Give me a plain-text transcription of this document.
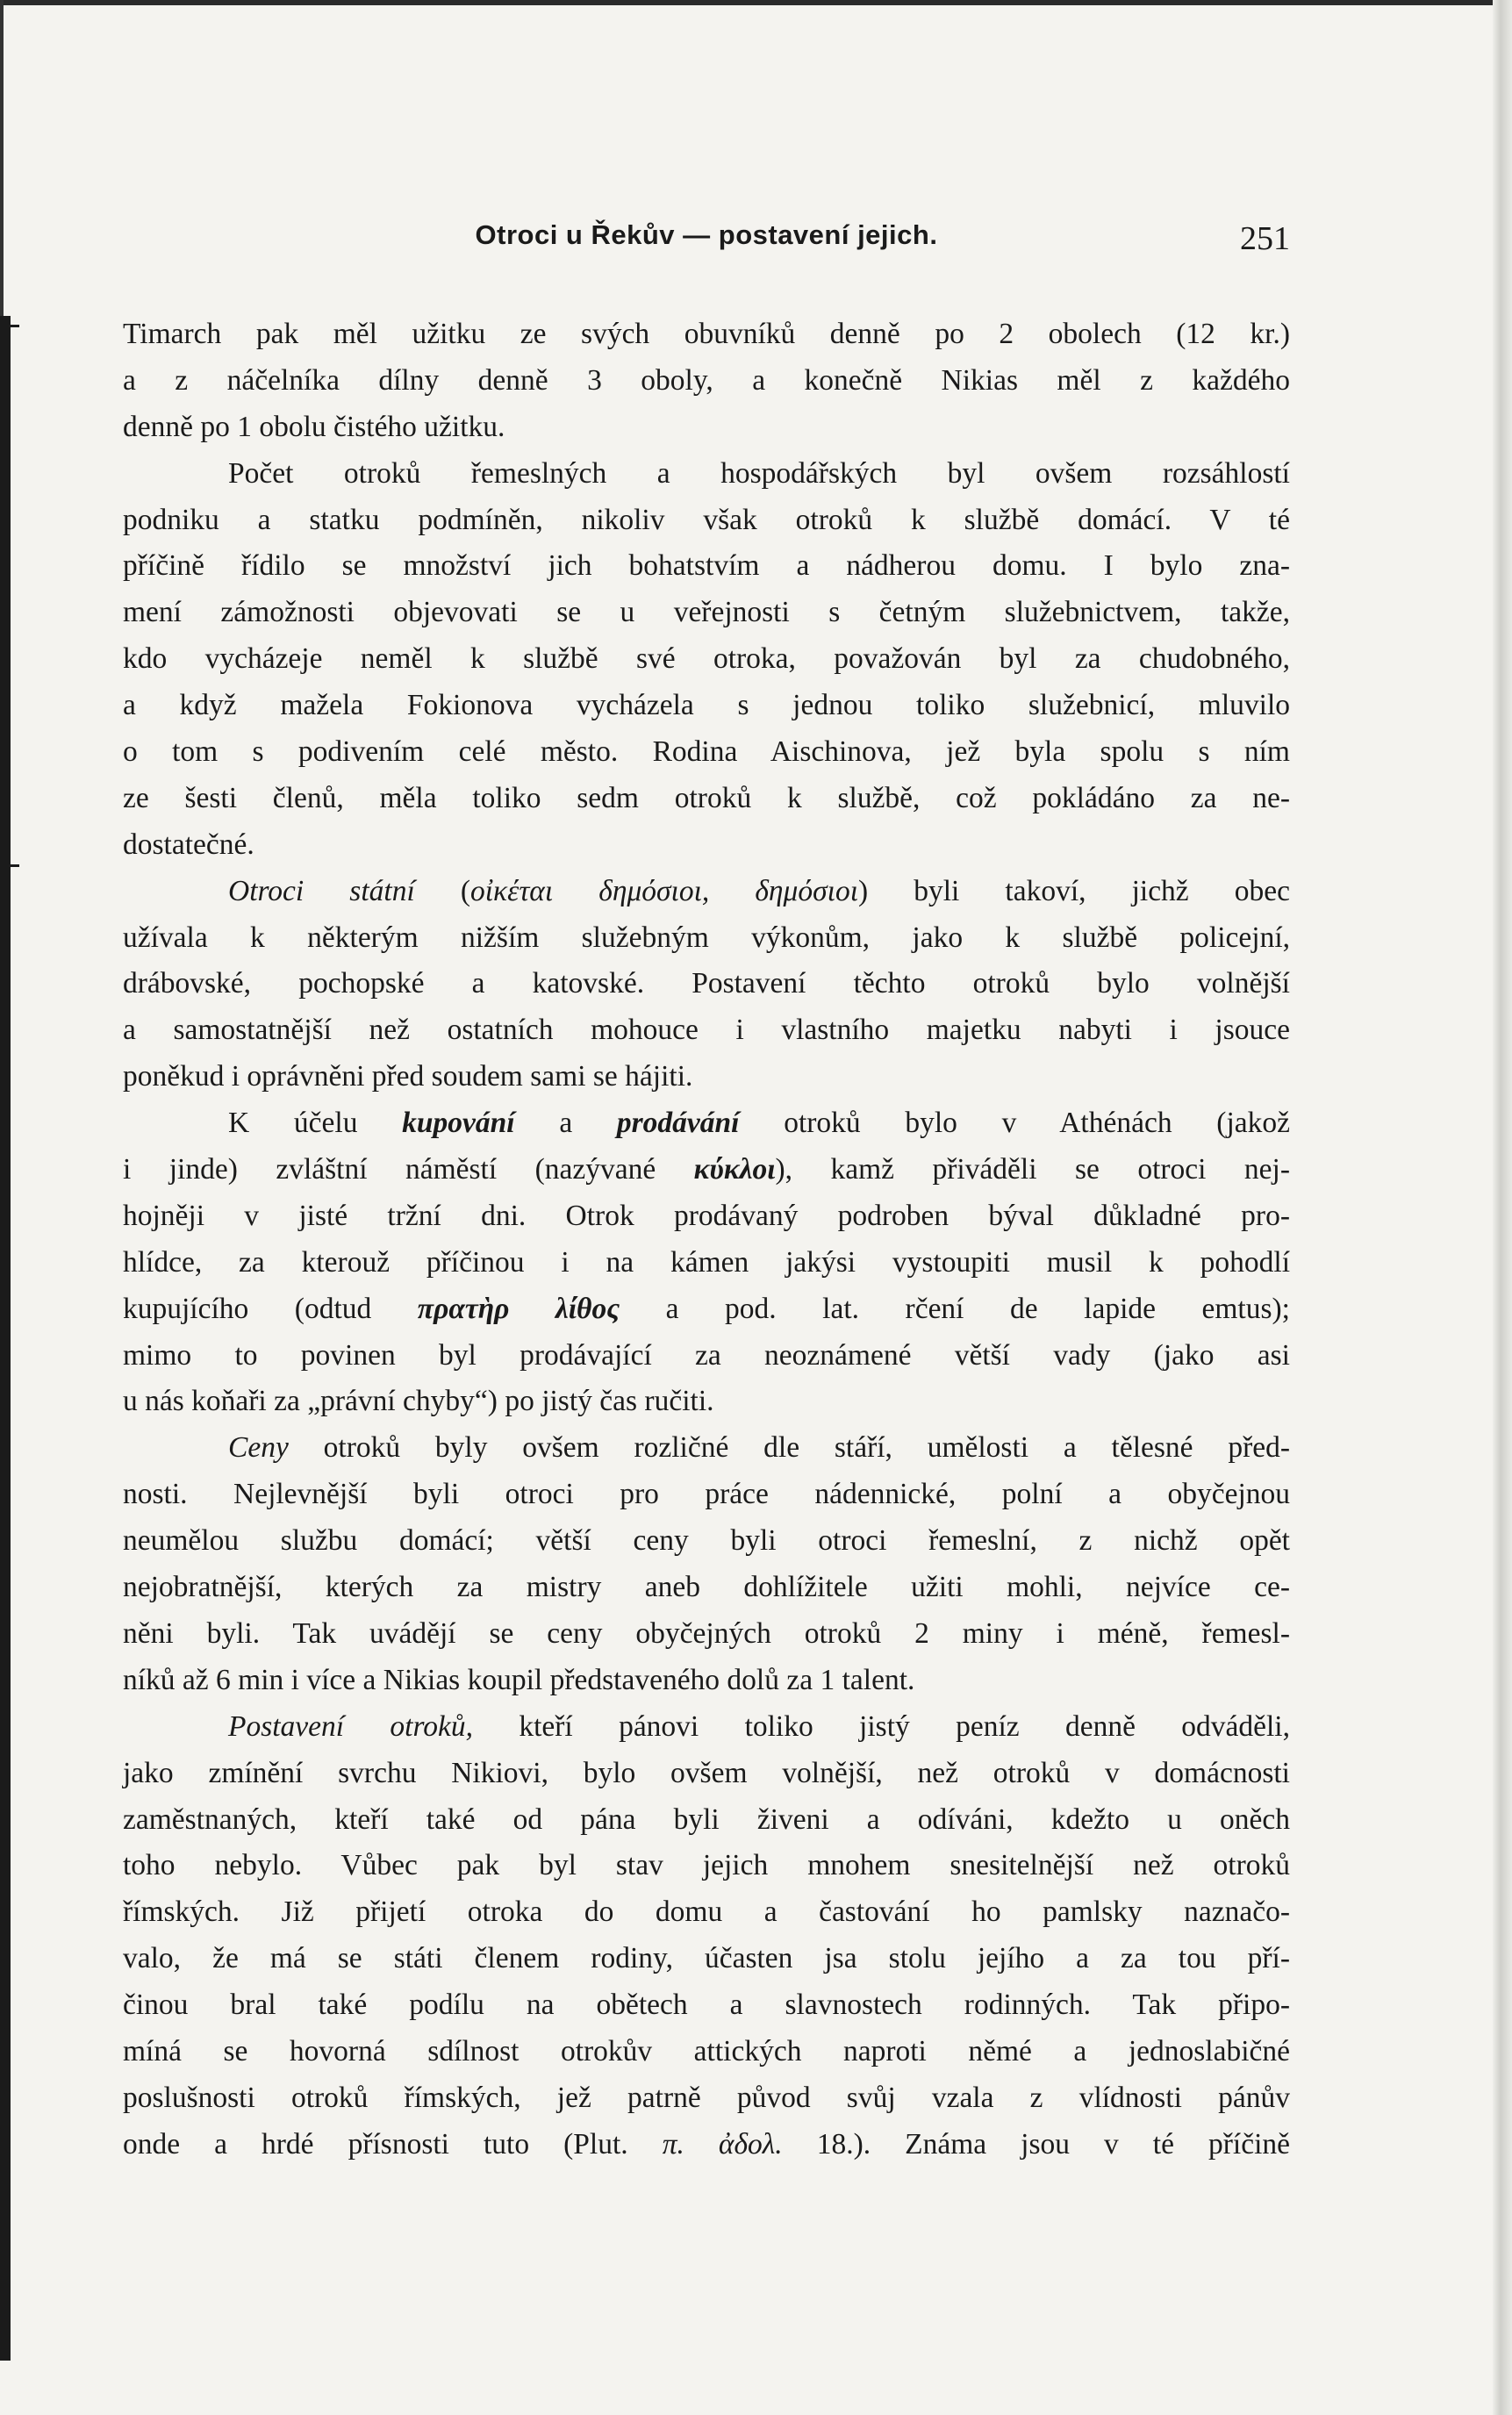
Otroci u Řekův — postavení jejich.	251
Timarch pak měl užitku ze svých obuvníků denně po 2 obolech (12 kr.)
a z náčelníka dílny denně 3 oboly, a konečně Nikias měl z každého
denně po 1 obolu čistého užitku.
Počet otroků řemeslných a hospodářských byl ovšem rozsáhlostí
podniku a statku podmíněn, nikoliv však otroků k službě domácí. V té
příčině řídilo se množství jich bohatstvím a nádherou domu. I bylo zna-
mení zámožnosti objevovati se u veřejnosti s četným služebnictvem, takže,
kdo vycházeje neměl k službě své otroka, považován byl za chudobného,
a když mažela Fokionova vycházela s jednou toliko služebnicí, mluvilo
o tom s podivením celé město. Rodina Aischinova, jež byla spolu s ním
ze šesti členů, měla toliko sedm otroků k službě, což pokládáno za ne-
dostatečné.
Otroci státní (οἰκέται δημόσιοι, δημόσιοι) byli takoví, jichž obec
užívala k některým nižším služebným výkonům, jako k službě policejní,
drábovské, pochopské a katovské. Postavení těchto otroků bylo volnější
a samostatnější než ostatních mohouce i vlastního majetku nabyti i jsouce
poněkud i oprávněni před soudem sami se hájiti.
K účelu kupování a prodávání otroků bylo v Athénách (jakož
i jinde) zvláštní náměstí (nazývané κύκλοι), kamž přiváděli se otroci nej-
hojněji v jisté tržní dni. Otrok prodávaný podroben býval důkladné pro-
hlídce, za kterouž příčinou i na kámen jakýsi vystoupiti musil k pohodlí
kupujícího (odtud πρατὴρ λίθος a pod. lat. rčení de lapide emtus);
mimo to povinen byl prodávající za neoznámené větší vady (jako asi
u nás koňaři za „právní chyby“) po jistý čas ručiti.
Ceny otroků byly ovšem rozličné dle stáří, umělosti a tělesné před-
nosti. Nejlevnější byli otroci pro práce nádennické, polní a obyčejnou
neumělou službu domácí; větší ceny byli otroci řemeslní, z nichž opět
nejobratnější, kterých za mistry aneb dohlížitele užiti mohli, nejvíce ce-
něni byli. Tak uvádějí se ceny obyčejných otroků 2 miny i méně, řemesl-
níků až 6 min i více a Nikias koupil představeného dolů za 1 talent.
Postavení otroků, kteří pánovi toliko jistý peníz denně odváděli,
jako zmínění svrchu Nikiovi, bylo ovšem volnější, než otroků v domácnosti
zaměstnaných, kteří také od pána byli živeni a odíváni, kdežto u oněch
toho nebylo. Vůbec pak byl stav jejich mnohem snesitelnější než otroků
římských. Již přijetí otroka do domu a častování ho pamlsky naznačo-
valo, že má se státi členem rodiny, účasten jsa stolu jejího a za tou pří-
činou bral také podílu na obětech a slavnostech rodinných. Tak připo-
míná se hovorná sdílnost otrokův attických naproti němé a jednoslabičné
poslušnosti otroků římských, jež patrně původ svůj vzala z vlídnosti pánův
onde a hrdé přísnosti tuto (Plut. π. ἀδολ. 18.). Známa jsou v té příčině
